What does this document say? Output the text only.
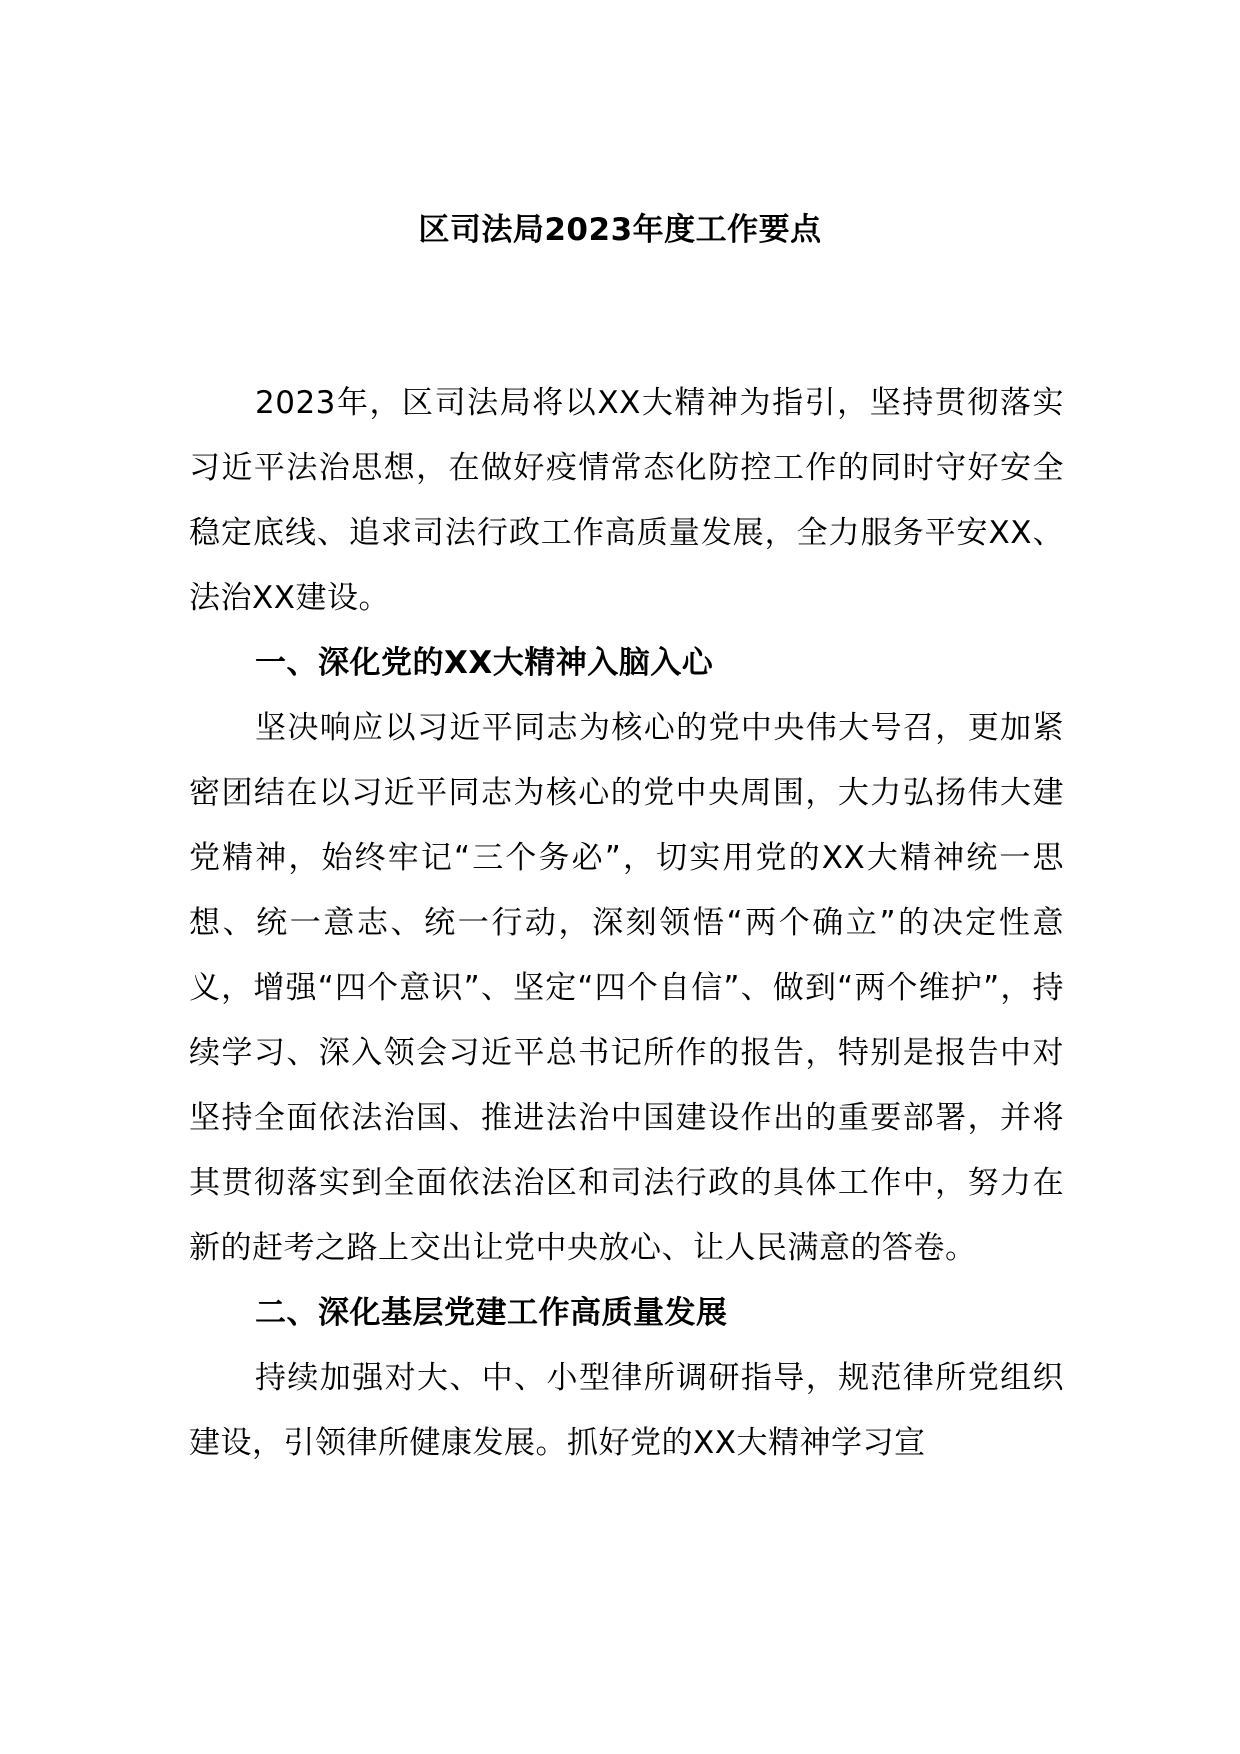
区司法局2023年度工作要点

2023年，区司法局将以XX大精神为指引，坚持贯彻落实习近平法治思想，在做好疫情常态化防控工作的同时守好安全稳定底线、追求司法行政工作高质量发展，全力服务平安XX、法治XX建设。

一、深化党的XX大精神入脑入心

坚决响应以习近平同志为核心的党中央伟大号召，更加紧密团结在以习近平同志为核心的党中央周围，大力弘扬伟大建党精神，始终牢记“三个务必”，切实用党的XX大精神统一思想、统一意志、统一行动，深刻领悟“两个确立”的决定性意义，增强“四个意识”、坚定“四个自信”、做到“两个维护”，持续学习、深入领会习近平总书记所作的报告，特别是报告中对坚持全面依法治国、推进法治中国建设作出的重要部署，并将其贯彻落实到全面依法治区和司法行政的具体工作中，努力在新的赶考之路上交出让党中央放心、让人民满意的答卷。

二、深化基层党建工作高质量发展

持续加强对大、中、小型律所调研指导，规范律所党组织建设，引领律所健康发展。抓好党的XX大精神学习宣
